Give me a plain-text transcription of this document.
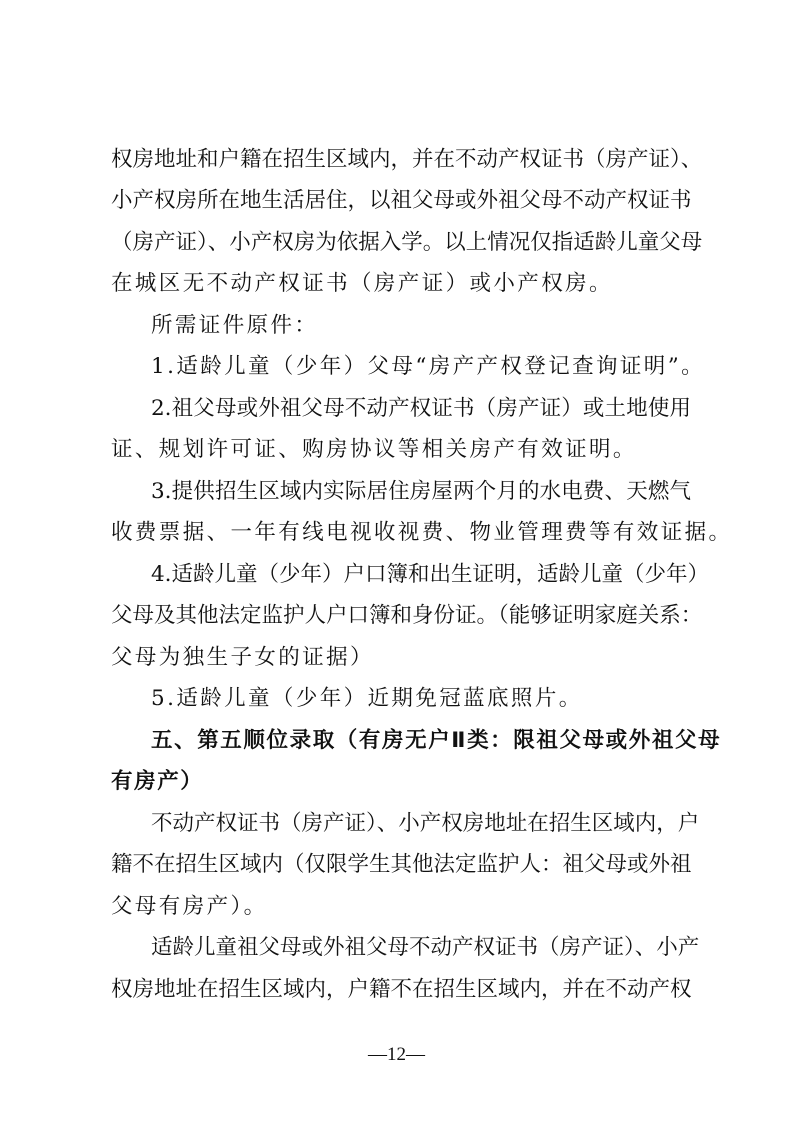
权房地址和户籍在招生区域内，并在不动产权证书（房产证）、
小产权房所在地生活居住，以祖父母或外祖父母不动产权证书
（房产证）、小产权房为依据入学。以上情况仅指适龄儿童父母
在城区无不动产权证书（房产证）或小产权房。
所需证件原件：
1.适龄儿童（少年）父母“房产产权登记查询证明”。
2.祖父母或外祖父母不动产权证书（房产证）或土地使用
证、规划许可证、购房协议等相关房产有效证明。
3.提供招生区域内实际居住房屋两个月的水电费、天燃气
收费票据、一年有线电视收视费、物业管理费等有效证据。
4.适龄儿童（少年）户口簿和出生证明，适龄儿童（少年）
父母及其他法定监护人户口簿和身份证。（能够证明家庭关系：
父母为独生子女的证据）
5.适龄儿童（少年）近期免冠蓝底照片。
五、第五顺位录取（有房无户Ⅱ类：限祖父母或外祖父母
有房产）
不动产权证书（房产证）、小产权房地址在招生区域内，户
籍不在招生区域内（仅限学生其他法定监护人：祖父母或外祖
父母有房产）。
适龄儿童祖父母或外祖父母不动产权证书（房产证）、小产
权房地址在招生区域内，户籍不在招生区域内，并在不动产权
—12—
